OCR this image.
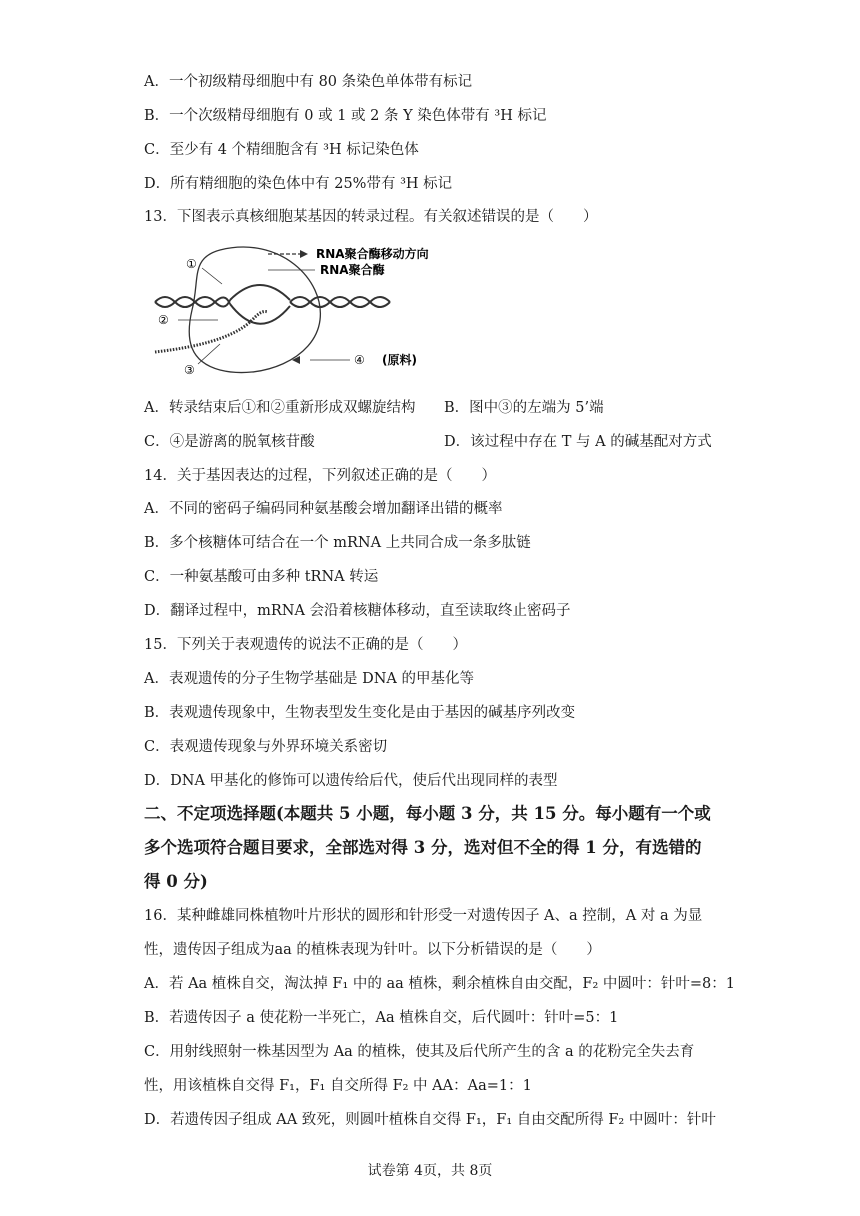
A．一个初级精母细胞中有 80 条染色单体带有标记
B．一个次级精母细胞有 0 或 1 或 2 条 Y 染色体带有 ³H 标记
C．至少有 4 个精细胞含有 ³H 标记染色体
D．所有精细胞的染色体中有 25%带有 ³H 标记
13．下图表示真核细胞某基因的转录过程。有关叙述错误的是（　　）
RNA聚合酶移动方向
RNA聚合酶
①
②
③
④ (原料)
A．转录结束后①和②重新形成双螺旋结构 B．图中③的左端为 5’端
C．④是游离的脱氧核苷酸	D．该过程中存在 T 与 A 的碱基配对方式
14．关于基因表达的过程，下列叙述正确的是（　　）
A．不同的密码子编码同种氨基酸会增加翻译出错的概率
B．多个核糖体可结合在一个 mRNA 上共同合成一条多肽链
C．一种氨基酸可由多种 tRNA 转运
D．翻译过程中，mRNA 会沿着核糖体移动，直至读取终止密码子
15．下列关于表观遗传的说法不正确的是（　　）
A．表观遗传的分子生物学基础是 DNA 的甲基化等
B．表观遗传现象中，生物表型发生变化是由于基因的碱基序列改变
C．表观遗传现象与外界环境关系密切
D．DNA 甲基化的修饰可以遗传给后代，使后代出现同样的表型
二、不定项选择题(本题共 5 小题，每小题 3 分，共 15 分。每小题有一个或
多个选项符合题目要求，全部选对得 3 分，选对但不全的得 1 分，有选错的
得 0 分)
16．某种雌雄同株植物叶片形状的圆形和针形受一对遗传因子 A、a 控制，A 对 a 为显
性，遗传因子组成为aa 的植株表现为针叶。以下分析错误的是（　　）
A．若 Aa 植株自交，淘汰掉 F₁ 中的 aa 植株，剩余植株自由交配，F₂ 中圆叶：针叶=8：1
B．若遗传因子 a 使花粉一半死亡，Aa 植株自交，后代圆叶：针叶=5：1
C．用射线照射一株基因型为 Aa 的植株，使其及后代所产生的含 a 的花粉完全失去育
性，用该植株自交得 F₁，F₁ 自交所得 F₂ 中 AA：Aa=1：1
D．若遗传因子组成 AA 致死，则圆叶植株自交得 F₁，F₁ 自由交配所得 F₂ 中圆叶：针叶
试卷第 4页，共 8页
